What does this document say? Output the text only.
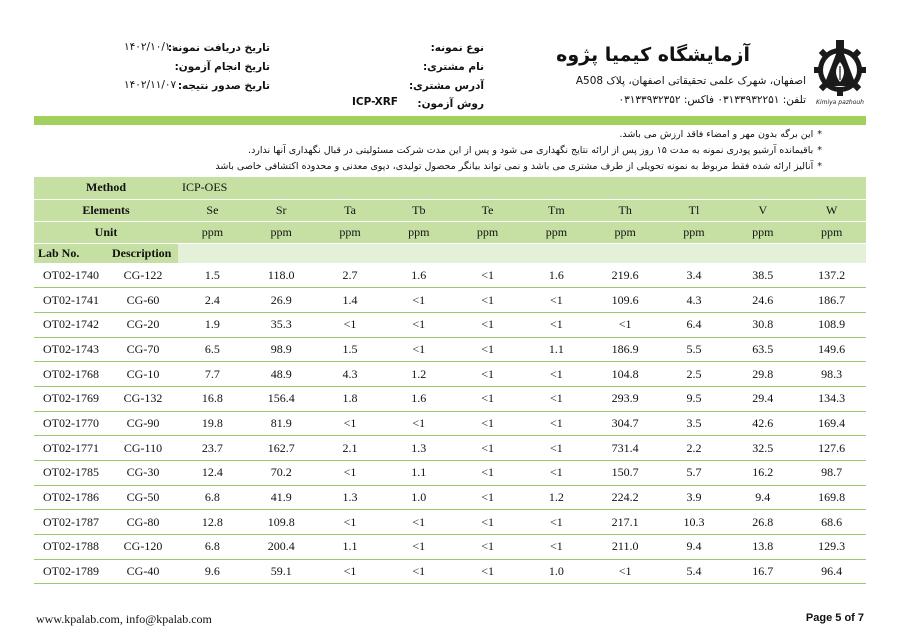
Kimiya pazhouh
آزمایشگاه کیمیا پژوه
اصفهان، شهرک علمی تحقیقاتی اصفهان، پلاک A508
تلفن: ۰۳۱۳۳۹۳۲۲۵۱ فاکس: ۰۳۱۳۳۹۳۲۳۵۲
نوع نمونه:
نام مشتری:
آدرس مشتری:
روش آزمون:
ICP-XRF
تاریخ دریافت نمونه:
۱۴۰۲/۱۰/۱۰
تاریخ انجام آزمون:
تاریخ صدور نتیجه:
۱۴۰۲/۱۱/۰۷
*این برگه بدون مهر و امضاء فاقد ارزش می باشد.
*باقیمانده آرشیو پودری نمونه به مدت ۱۵ روز پس از ارائه نتایج نگهداری می شود و پس از این مدت شرکت مسئولیتی در قبال نگهداری آنها ندارد.
*آنالیز ارائه شده فقط مربوط به نمونه تحویلی از طرف مشتری می باشد و نمی تواند بیانگر محصول تولیدی، دپوی معدنی و محدوده اکتشافی خاصی باشد
Method		ICP-OES									
Elements		Se	Sr	Ta	Tb	Te	Tm	Th	Tl	V	W
Unit		ppm	ppm	ppm	ppm	ppm	ppm	ppm	ppm	ppm	ppm
Lab No.	Description										
OT02-1740	CG-122	1.5	118.0	2.7	1.6	<1	1.6	219.6	3.4	38.5	137.2
OT02-1741	CG-60	2.4	26.9	1.4	<1	<1	<1	109.6	4.3	24.6	186.7
OT02-1742	CG-20	1.9	35.3	<1	<1	<1	<1	<1	6.4	30.8	108.9
OT02-1743	CG-70	6.5	98.9	1.5	<1	<1	1.1	186.9	5.5	63.5	149.6
OT02-1768	CG-10	7.7	48.9	4.3	1.2	<1	<1	104.8	2.5	29.8	98.3
OT02-1769	CG-132	16.8	156.4	1.8	1.6	<1	<1	293.9	9.5	29.4	134.3
OT02-1770	CG-90	19.8	81.9	<1	<1	<1	<1	304.7	3.5	42.6	169.4
OT02-1771	CG-110	23.7	162.7	2.1	1.3	<1	<1	731.4	2.2	32.5	127.6
OT02-1785	CG-30	12.4	70.2	<1	1.1	<1	<1	150.7	5.7	16.2	98.7
OT02-1786	CG-50	6.8	41.9	1.3	1.0	<1	1.2	224.2	3.9	9.4	169.8
OT02-1787	CG-80	12.8	109.8	<1	<1	<1	<1	217.1	10.3	26.8	68.6
OT02-1788	CG-120	6.8	200.4	1.1	<1	<1	<1	211.0	9.4	13.8	129.3
OT02-1789	CG-40	9.6	59.1	<1	<1	<1	1.0	<1	5.4	16.7	96.4
www.kpalab.com, info@kpalab.com	Page 5 of 7
